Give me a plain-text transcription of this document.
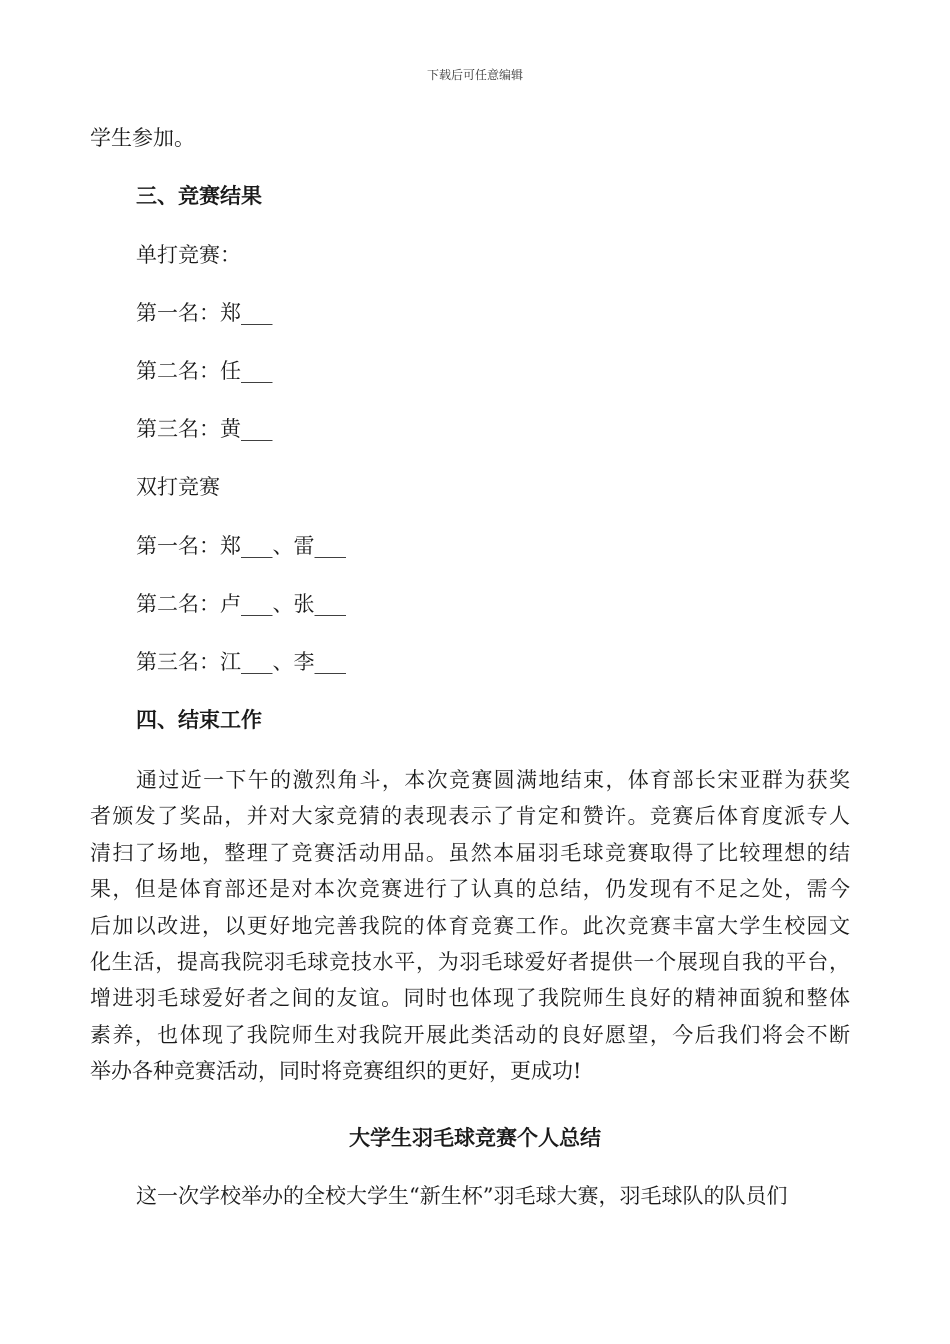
下载后可任意编辑
学生参加。
三、竞赛结果
单打竞赛：
第一名：郑___
第二名：任___
第三名：黄___
双打竞赛
第一名：郑___、雷___
第二名：卢___、张___
第三名：江___、李___
四、结束工作
通过近一下午的激烈角斗，本次竞赛圆满地结束，体育部长宋亚群为获奖
者颁发了奖品，并对大家竞猜的表现表示了肯定和赞许。竞赛后体育度派专人
清扫了场地，整理了竞赛活动用品。虽然本届羽毛球竞赛取得了比较理想的结
果，但是体育部还是对本次竞赛进行了认真的总结，仍发现有不足之处，需今
后加以改进，以更好地完善我院的体育竞赛工作。此次竞赛丰富大学生校园文
化生活，提高我院羽毛球竞技水平，为羽毛球爱好者提供一个展现自我的平台，
增进羽毛球爱好者之间的友谊。同时也体现了我院师生良好的精神面貌和整体
素养，也体现了我院师生对我院开展此类活动的良好愿望，今后我们将会不断
举办各种竞赛活动，同时将竞赛组织的更好，更成功!
大学生羽毛球竞赛个人总结
这一次学校举办的全校大学生“新生杯”羽毛球大赛，羽毛球队的队员们
